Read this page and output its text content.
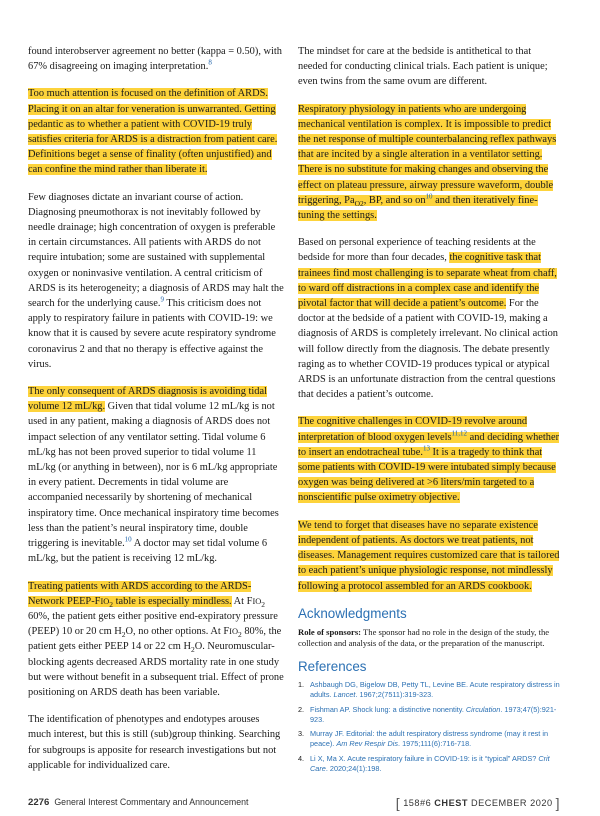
found interobserver agreement no better (kappa = 0.50), with 67% disagreeing on imaging interpretation.$^8$

Too much attention is focused on the definition of ARDS. Placing it on an altar for veneration is unwarranted. Getting pedantic as to whether a patient with COVID-19 truly satisfies criteria for ARDS is a distraction from patient care. Definitions beget a sense of finality (often unjustified) and can confine the mind rather than liberate it.

Few diagnoses dictate an invariant course of action. Diagnosing pneumothorax is not inevitably followed by needle drainage; high concentration of oxygen is preferable in certain circumstances. All patients with ARDS do not require intubation; some are sustained with supplemental oxygen or noninvasive ventilation. A central criticism of ARDS is its heterogeneity; a diagnosis of ARDS may halt the search for the underlying cause.$^9$ This criticism does not apply to respiratory failure in patients with COVID-19: we know that it is caused by severe acute respiratory syndrome coronavirus 2 and that no therapy is effective against the virus.

The only consequent of ARDS diagnosis is avoiding tidal volume 12 mL/kg. Given that tidal volume 12 mL/kg is not used in any patient, making a diagnosis of ARDS does not impact selection of any ventilator setting. Tidal volume 6 mL/kg has not been proved superior to tidal volume 11 mL/kg (or anything in between), nor is 6 mL/kg appropriate in every patient. Decrements in tidal volume are accompanied necessarily by shortening of mechanical inspiratory time. Once mechanical inspiratory time becomes less than the patient’s neural inspiratory time, double triggering is inevitable.$^{10}$ A doctor may set tidal volume 6 mL/kg, but the patient is receiving 12 mL/kg.

Treating patients with ARDS according to the ARDS-Network PEEP-$FIO_2$ table is especially mindless. At $FIO_2$ 60%, the patient gets either positive end-expiratory pressure (PEEP) 10 or 20 cm $H_2O$, no other options. At $FIO_2$ 80%, the patient gets either PEEP 14 or 22 cm $H_2O$. Neuromuscular-blocking agents decreased ARDS mortality rate in one study but were without benefit in a subsequent trial. Effect of prone positioning on ARDS death has been variable.

The identification of phenotypes and endotypes arouses much interest, but this is still (sub)group thinking. Searching for subgroups is apposite for research investigations but not applicable for individualized care.

The mindset for care at the bedside is antithetical to that needed for conducting clinical trials. Each patient is unique; even twins from the same ovum are different.

Respiratory physiology in patients who are undergoing mechanical ventilation is complex. It is impossible to predict the net response of multiple counterbalancing reflex pathways that are incited by a single alteration in a ventilator setting. There is no substitute for making changes and observing the effect on plateau pressure, airway pressure waveform, double triggering, $Pa_{O2}$, BP, and so $on^{10}$ and then iteratively fine-tuning the settings.

Based on personal experience of teaching residents at the bedside for more than four decades, the cognitive task that trainees find most challenging is to separate wheat from chaff, to ward off distractions in a complex case and identify the pivotal factor that will decide a patient’s outcome. For the doctor at the bedside of a patient with COVID-19, making a diagnosis of ARDS is completely irrelevant. No clinical action will follow directly from the diagnosis. The debate presently raging as to whether COVID-19 produces typical or atypical ARDS is an unfortunate distraction from the central questions that decides a patient’s outcome.

The cognitive challenges in COVID-19 revolve around interpretation of blood oxygen levels$^{11,12}$ and deciding whether to insert an endotracheal tube.$^{13}$ It is a tragedy to think that some patients with COVID-19 were intubated simply because oxygen was being delivered at >6 liters/min targeted to a nonscientific pulse oximetry objective.

We tend to forget that diseases have no separate existence independent of patients. As doctors we treat patients, not diseases. Management requires customized care that is tailored to each patient’s unique physiologic response, not mindlessly following a protocol assembled for an ARDS cookbook.

Acknowledgments

Role of sponsors: The sponsor had no role in the design of the study, the collection and analysis of the data, or the preparation of the manuscript.

References
1. Ashbaugh DG, Bigelow DB, Petty TL, Levine BE. Acute respiratory distress in adults. Lancet. 1967;2(7511):319-323.
2. Fishman AP. Shock lung: a distinctive nonentity. Circulation. 1973;47(5):921-923.
3. Murray JF. Editorial: the adult respiratory distress syndrome (may it rest in peace). Am Rev Respir Dis. 1975;111(6):716-718.
4. Li X, Ma X. Acute respiratory failure in COVID-19: is it “typical” ARDS? Crit Care. 2020;24(1):198.
2276 General Interest Commentary and Announcement	[ 158#6 CHEST DECEMBER 2020 ]
